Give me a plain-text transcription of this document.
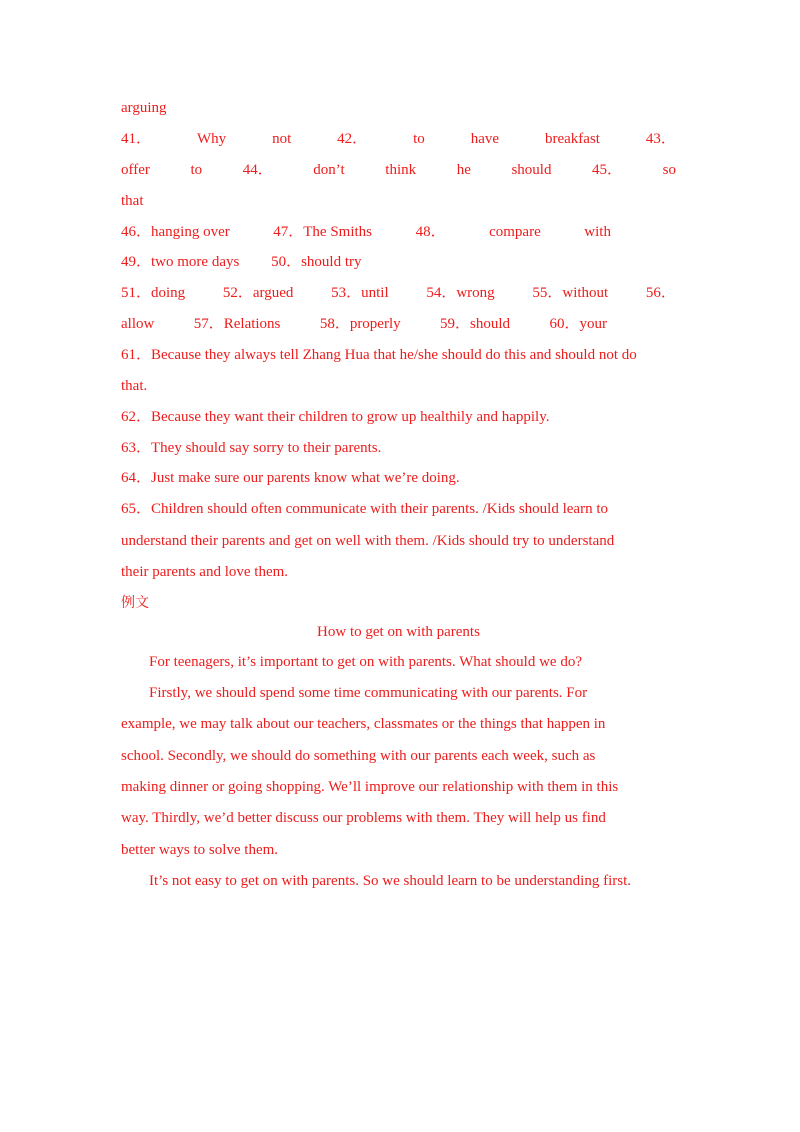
arguing
41．	Why	not	42．	to	have	breakfast	43．
offer	to	44．	don’t	think	he	should	45．	so
that
46．hanging over	47．The Smiths	48．	compare	with
49．two more days 50．should try
51．doing	52．argued	53．until	54．wrong	55．without	56．
allow	57．Relations	58．properly	59．should	60．your
61．Because they always tell Zhang Hua that he/she should do this and should not do
that.
62．Because they want their children to grow up healthily and happily.
63．They should say sorry to their parents.
64．Just make sure our parents know what we’re doing.
65．Children should often communicate with their parents. /Kids should learn to
understand their parents and get on well with them. /Kids should try to understand
their parents and love them.
例文
How to get on with parents
For teenagers, it’s important to get on with parents. What should we do?
Firstly, we should spend some time communicating with our parents. For
example, we may talk about our teachers, classmates or the things that happen in
school. Secondly, we should do something with our parents each week, such as
making dinner or going shopping. We’ll improve our relationship with them in this
way. Thirdly, we’d better discuss our problems with them. They will help us find
better ways to solve them.
It’s not easy to get on with parents. So we should learn to be understanding first.
